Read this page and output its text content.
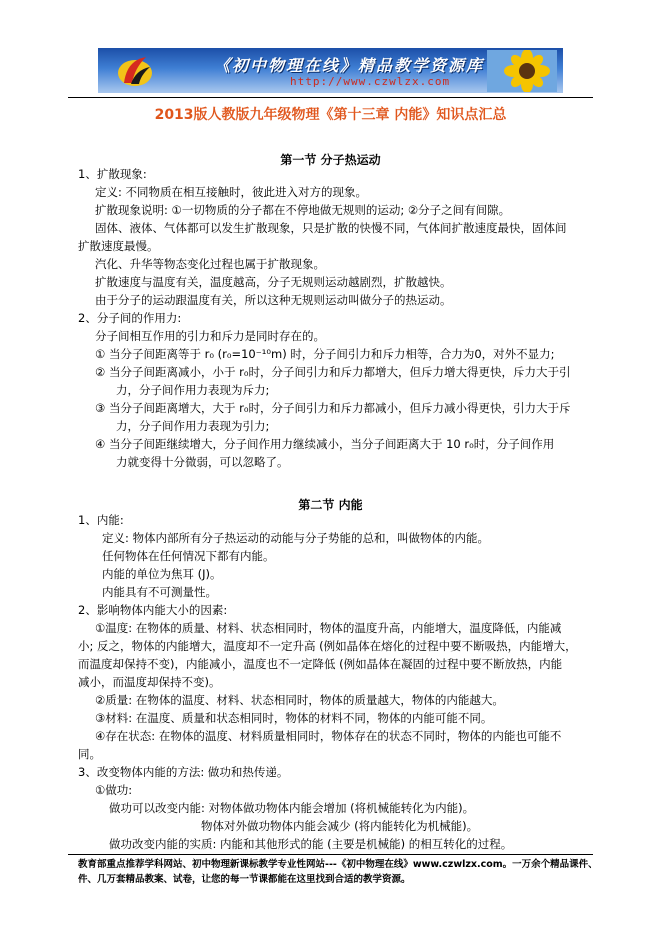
《初中物理在线》精品教学资源库
http://www.czwlzx.com
2013版人教版九年级物理《第十三章 内能》知识点汇总
第一节 分子热运动
1、扩散现象:
定义: 不同物质在相互接触时，彼此进入对方的现象。
扩散现象说明: ①一切物质的分子都在不停地做无规则的运动; ②分子之间有间隙。
固体、液体、气体都可以发生扩散现象，只是扩散的快慢不同，气体间扩散速度最快，固体间
扩散速度最慢。
汽化、升华等物态变化过程也属于扩散现象。
扩散速度与温度有关，温度越高，分子无规则运动越剧烈，扩散越快。
由于分子的运动跟温度有关，所以这种无规则运动叫做分子的热运动。
2、分子间的作用力:
分子间相互作用的引力和斥力是同时存在的。
① 当分子间距离等于 r₀ (r₀=10⁻¹⁰m) 时，分子间引力和斥力相等，合力为0，对外不显力;
② 当分子间距离减小，小于 r₀时，分子间引力和斥力都增大，但斥力增大得更快，斥力大于引
力，分子间作用力表现为斥力;
③ 当分子间距离增大，大于 r₀时，分子间引力和斥力都减小，但斥力减小得更快，引力大于斥
力，分子间作用力表现为引力;
④ 当分子间距继续增大，分子间作用力继续减小，当分子间距离大于 10 r₀时，分子间作用
力就变得十分微弱，可以忽略了。
第二节 内能
1、内能:
定义: 物体内部所有分子热运动的动能与分子势能的总和，叫做物体的内能。
任何物体在任何情况下都有内能。
内能的单位为焦耳 (J)。
内能具有不可测量性。
2、影响物体内能大小的因素:
①温度: 在物体的质量、材料、状态相同时，物体的温度升高，内能增大，温度降低，内能减
小; 反之，物体的内能增大，温度却不一定升高 (例如晶体在熔化的过程中要不断吸热，内能增大，
而温度却保持不变)，内能减小，温度也不一定降低 (例如晶体在凝固的过程中要不断放热，内能
减小，而温度却保持不变)。
②质量: 在物体的温度、材料、状态相同时，物体的质量越大，物体的内能越大。
③材料: 在温度、质量和状态相同时，物体的材料不同，物体的内能可能不同。
④存在状态: 在物体的温度、材料质量相同时，物体存在的状态不同时，物体的内能也可能不
同。
3、改变物体内能的方法: 做功和热传递。
①做功:
做功可以改变内能: 对物体做功物体内能会增加 (将机械能转化为内能)。
物体对外做功物体内能会减少 (将内能转化为机械能)。
做功改变内能的实质: 内能和其他形式的能 (主要是机械能) 的相互转化的过程。
教育部重点推荐学科网站、初中物理新课标教学专业性网站---《初中物理在线》www.czwlzx.com。一万余个精品课件、
件、几万套精品教案、试卷，让您的每一节课都能在这里找到合适的教学资源。
